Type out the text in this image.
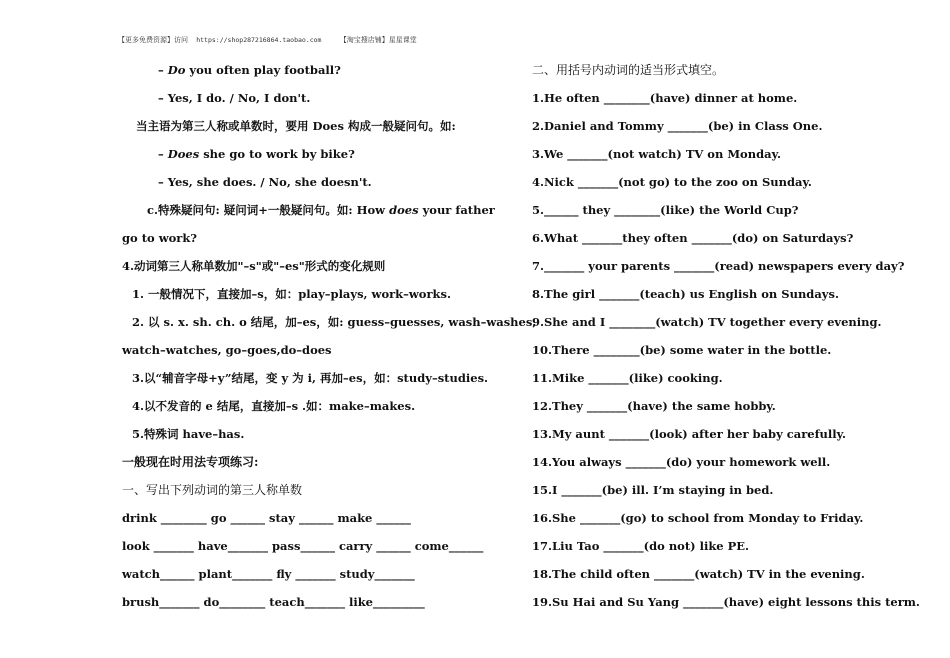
【更多免费资源】访问 https://shop287216864.taobao.com	【淘宝搜店铺】星星课堂
– Do you often play football?
– Yes, I do. / No, I don't.
当主语为第三人称或单数时，要用 Does 构成一般疑问句。如:
– Does she go to work by bike?
– Yes, she does. / No, she doesn't.
c.特殊疑问句: 疑问词+一般疑问句。如: How does your father
go to work?
4.动词第三人称单数加"–s"或"–es"形式的变化规则
1. 一般情况下，直接加–s，如：play–plays, work–works.
2. 以 s. x. sh. ch. o 结尾，加–es，如: guess–guesses, wash–washes,
watch–watches, go–goes,do–does
3.以“辅音字母+y”结尾，变 y 为 i, 再加–es，如：study–studies.
4.以不发音的 e 结尾，直接加–s .如：make–makes.
5.特殊词 have–has.
一般现在时用法专项练习:
一、写出下列动词的第三人称单数
drink ________ go ______ stay ______ make ______
look _______ have_______ pass______ carry ______ come______
watch______ plant_______ fly _______ study_______
brush_______ do________ teach_______ like_________
二、用括号内动词的适当形式填空。
1.He often ________(have) dinner at home.
2.Daniel and Tommy _______(be) in Class One.
3.We _______(not watch) TV on Monday.
4.Nick _______(not go) to the zoo on Sunday.
5.______ they ________(like) the World Cup?
6.What _______they often _______(do) on Saturdays?
7._______ your parents _______(read) newspapers every day?
8.The girl _______(teach) us English on Sundays.
9.She and I ________(watch) TV together every evening.
10.There ________(be) some water in the bottle.
11.Mike _______(like) cooking.
12.They _______(have) the same hobby.
13.My aunt _______(look) after her baby carefully.
14.You always _______(do) your homework well.
15.I _______(be) ill. I’m staying in bed.
16.She _______(go) to school from Monday to Friday.
17.Liu Tao _______(do not) like PE.
18.The child often _______(watch) TV in the evening.
19.Su Hai and Su Yang _______(have) eight lessons this term.
